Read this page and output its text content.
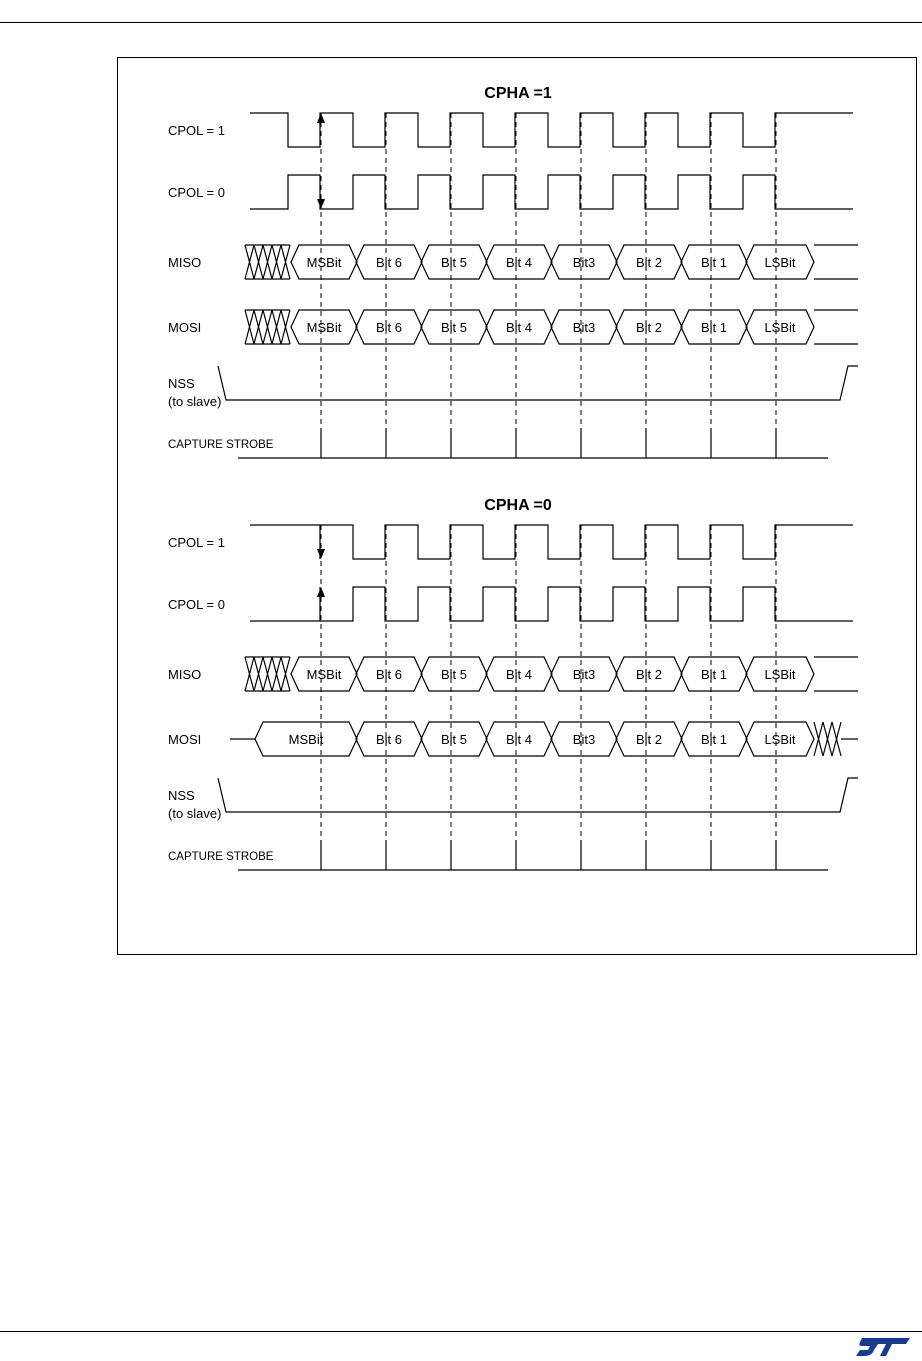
CPHA =1
CPOL = 1
CPOL = 0
MISO
MOSI
NSS
(to slave)
CAPTURE STROBE
MSBit	Bit 6	Bit 5	Bit 4	Bit3	Bit 2	Bit 1	LSBit
MSBit	Bit 6	Bit 5	Bit 4	Bit3	Bit 2	Bit 1	LSBit
CPHA =0
CPOL = 1
CPOL = 0
MISO
MOSI
NSS
(to slave)
CAPTURE STROBE
MSBit	Bit 6	Bit 5	Bit 4	Bit3	Bit 2	Bit 1	LSBit
MSBit	Bit 6	Bit 5	Bit 4	Bit3	Bit 2	Bit 1	LSBit
